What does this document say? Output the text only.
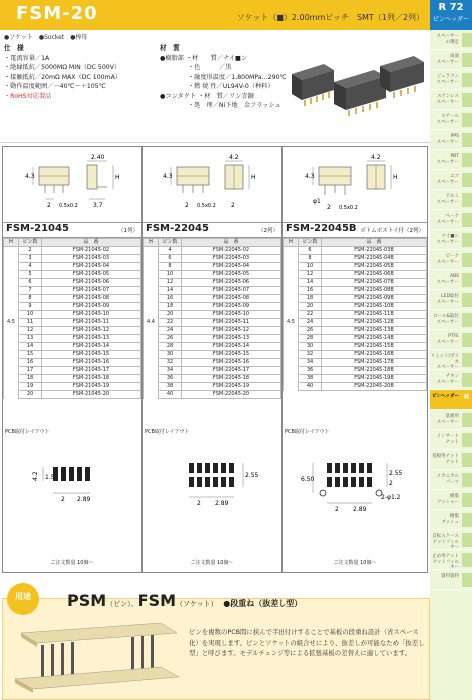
FSM-20	ソケット（■）2.00mmピッチ　SMT（1列／2列）
R 72
ピンヘッダー
●ソケット　●Socket　●棒母
仕　様
・電流容量／1A
・絶縁抵抗／5000MΩ MIN（DC 500V）
・接触抵抗／20mΩ MAX（DC 100mA）
・動作温度範囲／－40℃～＋105℃
・RoHS対応製品
材　質
●樹脂部 ・材　　質／ナイ■ン
・色　　　／黒
・融度形温度／1,800MPa…290℃
・燃 焼 性／UL94V-0（种料）
●コンタクト ・材　質／リン青銅
・処　理／Ni下地　金フラッシュ
2.40
4.3
2 0.5x0.2	3.7
H
FSM-21045	（1列）
H	ピン数	品　番
	2	FSM-21045-02
	3	FSM-21045-03
	4	FSM-21045-04
	5	FSM-21045-05
	6	FSM-21045-06
	7	FSM-21045-07
	8	FSM-21045-08
	9	FSM-21045-09
	10	FSM-21045-10
4.5	11	FSM-21045-11
	12	FSM-21045-12
	13	FSM-21045-13
	14	FSM-21045-14
	15	FSM-21045-15
	16	FSM-21045-16
	17	FSM-21045-17
	18	FSM-21045-18
	19	FSM-21045-19
	20	FSM-21045-20
PCB取付レイアウト
4.2 1.5
2 2.89
ご注文数量 10個～
4.2
4.3
2 0.5x0.2
H
2
FSM-22045	（2列）
H	ピン数	品　番
	4	FSM-22045-02
	6	FSM-22045-03
	8	FSM-22045-04
	10	FSM-22045-05
	12	FSM-22045-06
	14	FSM-22045-07
	16	FSM-22045-08
	18	FSM-22045-09
	20	FSM-22045-10
4.4	22	FSM-22045-11
	24	FSM-22045-12
	26	FSM-22045-13
	28	FSM-22045-14
	30	FSM-22045-15
	32	FSM-22045-16
	34	FSM-22045-17
	36	FSM-22045-18
	38	FSM-22045-19
	40	FSM-22045-20
PCB取付レイアウト
2.55
2 2.89
ご注文数量 10個～
4.2
4.3
2
H
0.5x0.2
φ1
FSM-22045B ボトムボストイ付（2列）
H	ピン数	品　番
	6	FSM-22045-03B
	8	FSM-22045-04B
	10	FSM-22045-05B
	12	FSM-22045-06B
	14	FSM-22045-07B
	16	FSM-22045-08B
	18	FSM-22045-09B
	20	FSM-22045-10B
	22	FSM-22045-11B
4.5	24	FSM-22045-12B
	26	FSM-22045-13B
	28	FSM-22045-14B
	30	FSM-22045-15B
	32	FSM-22045-16B
	34	FSM-22045-17B
	36	FSM-22045-18B
	38	FSM-22045-19B
	40	FSM-22045-20B
PCB取付レイアウト
6.50
2.55
2
2-φ1.2
2 2.89
ご注文数量 10個～
スペーサー
の選定
両面
スペーサー
ジュラコン
スペーサー
ステンレス
スペーサー
スチール
スペーサー
PPS
スペーサー
PBT
スペーサー
エコ
スペーサー
アルミ
スペーサー
ベーク
スペーサー
ナイ■ン
スペーサー
ピーク
スペーサー
ABS
スペーサー
LED取付
スペーサー
ロール&取付
スペーサー
PTFE
スペーサー
リミット/ポリカ
スペーサー
チタン
スペーサー
ピンヘッダー R
基板用
スペーサー
インサート
ナット
基板用ナット
ナット
メカニカル
パーツ
樹脂
ワッシャー
樹脂
ブッシュ
自転入ケース
ナットフィルター
止め用ナット
ナットフィルター
資料資料
用途	PSM（ピン）、FSM（ソケット） ●段重ね（抜差し型）
ピンを複数のPCB間に挟んで半田付けすることで基板の段重ね設計（省スペース化）を実現します。ピンとソケットの組合せにより、抜差しが可能なため「抜差し型」と呼びます。モデルチェンジ等による拡張基板の差替えに適しています。
